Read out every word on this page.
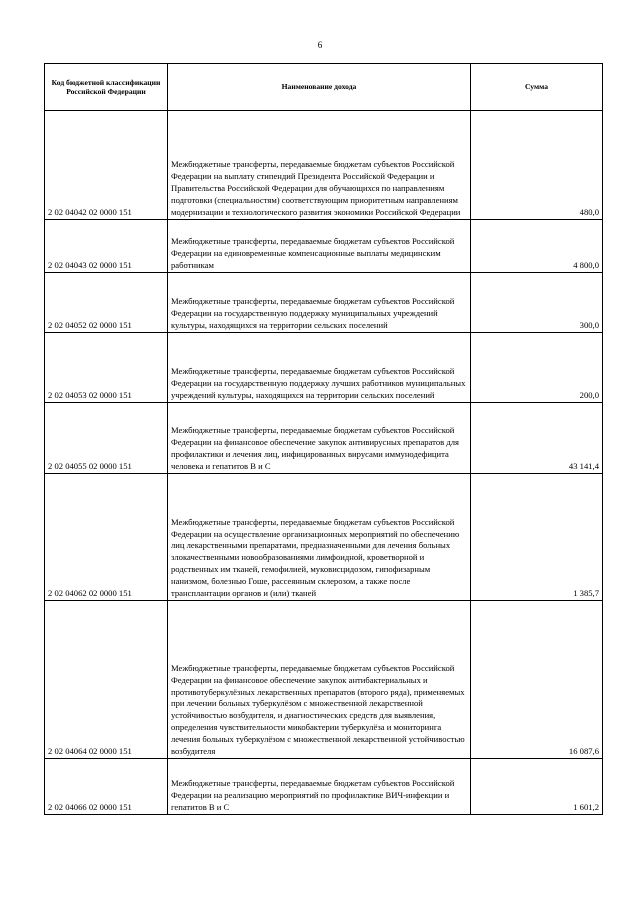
6
Код бюджетной классификации Российской Федерации	Наименование дохода	Сумма
2 02 04042 02 0000 151	Межбюджетные трансферты, передаваемые бюджетам субъектов Российской Федерации на выплату стипендий Президента Российской Федерации и Правительства Российской Федерации для обучающихся по направлениям подготовки (специальностям) соответствующим приоритетным направлениям модернизации и технологического развития экономики Российской Федерации	480,0
2 02 04043 02 0000 151	Межбюджетные трансферты, передаваемые бюджетам субъектов Российской Федерации на единовременные компенсационные выплаты медицинским работникам	4 800,0
2 02 04052 02 0000 151	Межбюджетные трансферты, передаваемые бюджетам субъектов Российской Федерации на государственную поддержку муниципальных учреждений культуры, находящихся на территории сельских поселений	300,0
2 02 04053 02 0000 151	Межбюджетные трансферты, передаваемые бюджетам субъектов Российской Федерации на государственную поддержку лучших работников муниципальных учреждений культуры, находящихся на территории сельских поселений	200,0
2 02 04055 02 0000 151	Межбюджетные трансферты, передаваемые бюджетам субъектов Российской Федерации на финансовое обеспечение закупок антивирусных препаратов для профилактики и лечения лиц, инфицированных вирусами иммунодефицита человека и гепатитов В и С	43 141,4
2 02 04062 02 0000 151	Межбюджетные трансферты, передаваемые бюджетам субъектов Российской Федерации на осуществление организационных мероприятий по обеспечению лиц лекарственными препаратами, предназначенными для лечения больных злокачественными новообразованиями лимфоидной, кроветворной и родственных им тканей, гемофилией, муковисцидозом, гипофизарным нанизмом, болезнью Гоше, рассеянным склерозом, а также после трансплантации органов и (или) тканей	1 385,7
2 02 04064 02 0000 151	Межбюджетные трансферты, передаваемые бюджетам субъектов Российской Федерации на финансовое обеспечение закупок антибактериальных и противотуберкулёзных лекарственных препаратов (второго ряда), применяемых при лечении больных туберкулёзом с множественной лекарственной устойчивостью возбудителя, и диагностических средств для выявления, определения чувствительности микобактерии туберкулёза и мониторинга лечения больных туберкулёзом с множественной лекарственной устойчивостью возбудителя	16 087,6
2 02 04066 02 0000 151	Межбюджетные трансферты, передаваемые бюджетам субъектов Российской Федерации на реализацию мероприятий по профилактике ВИЧ-инфекции и гепатитов В и С	1 601,2
